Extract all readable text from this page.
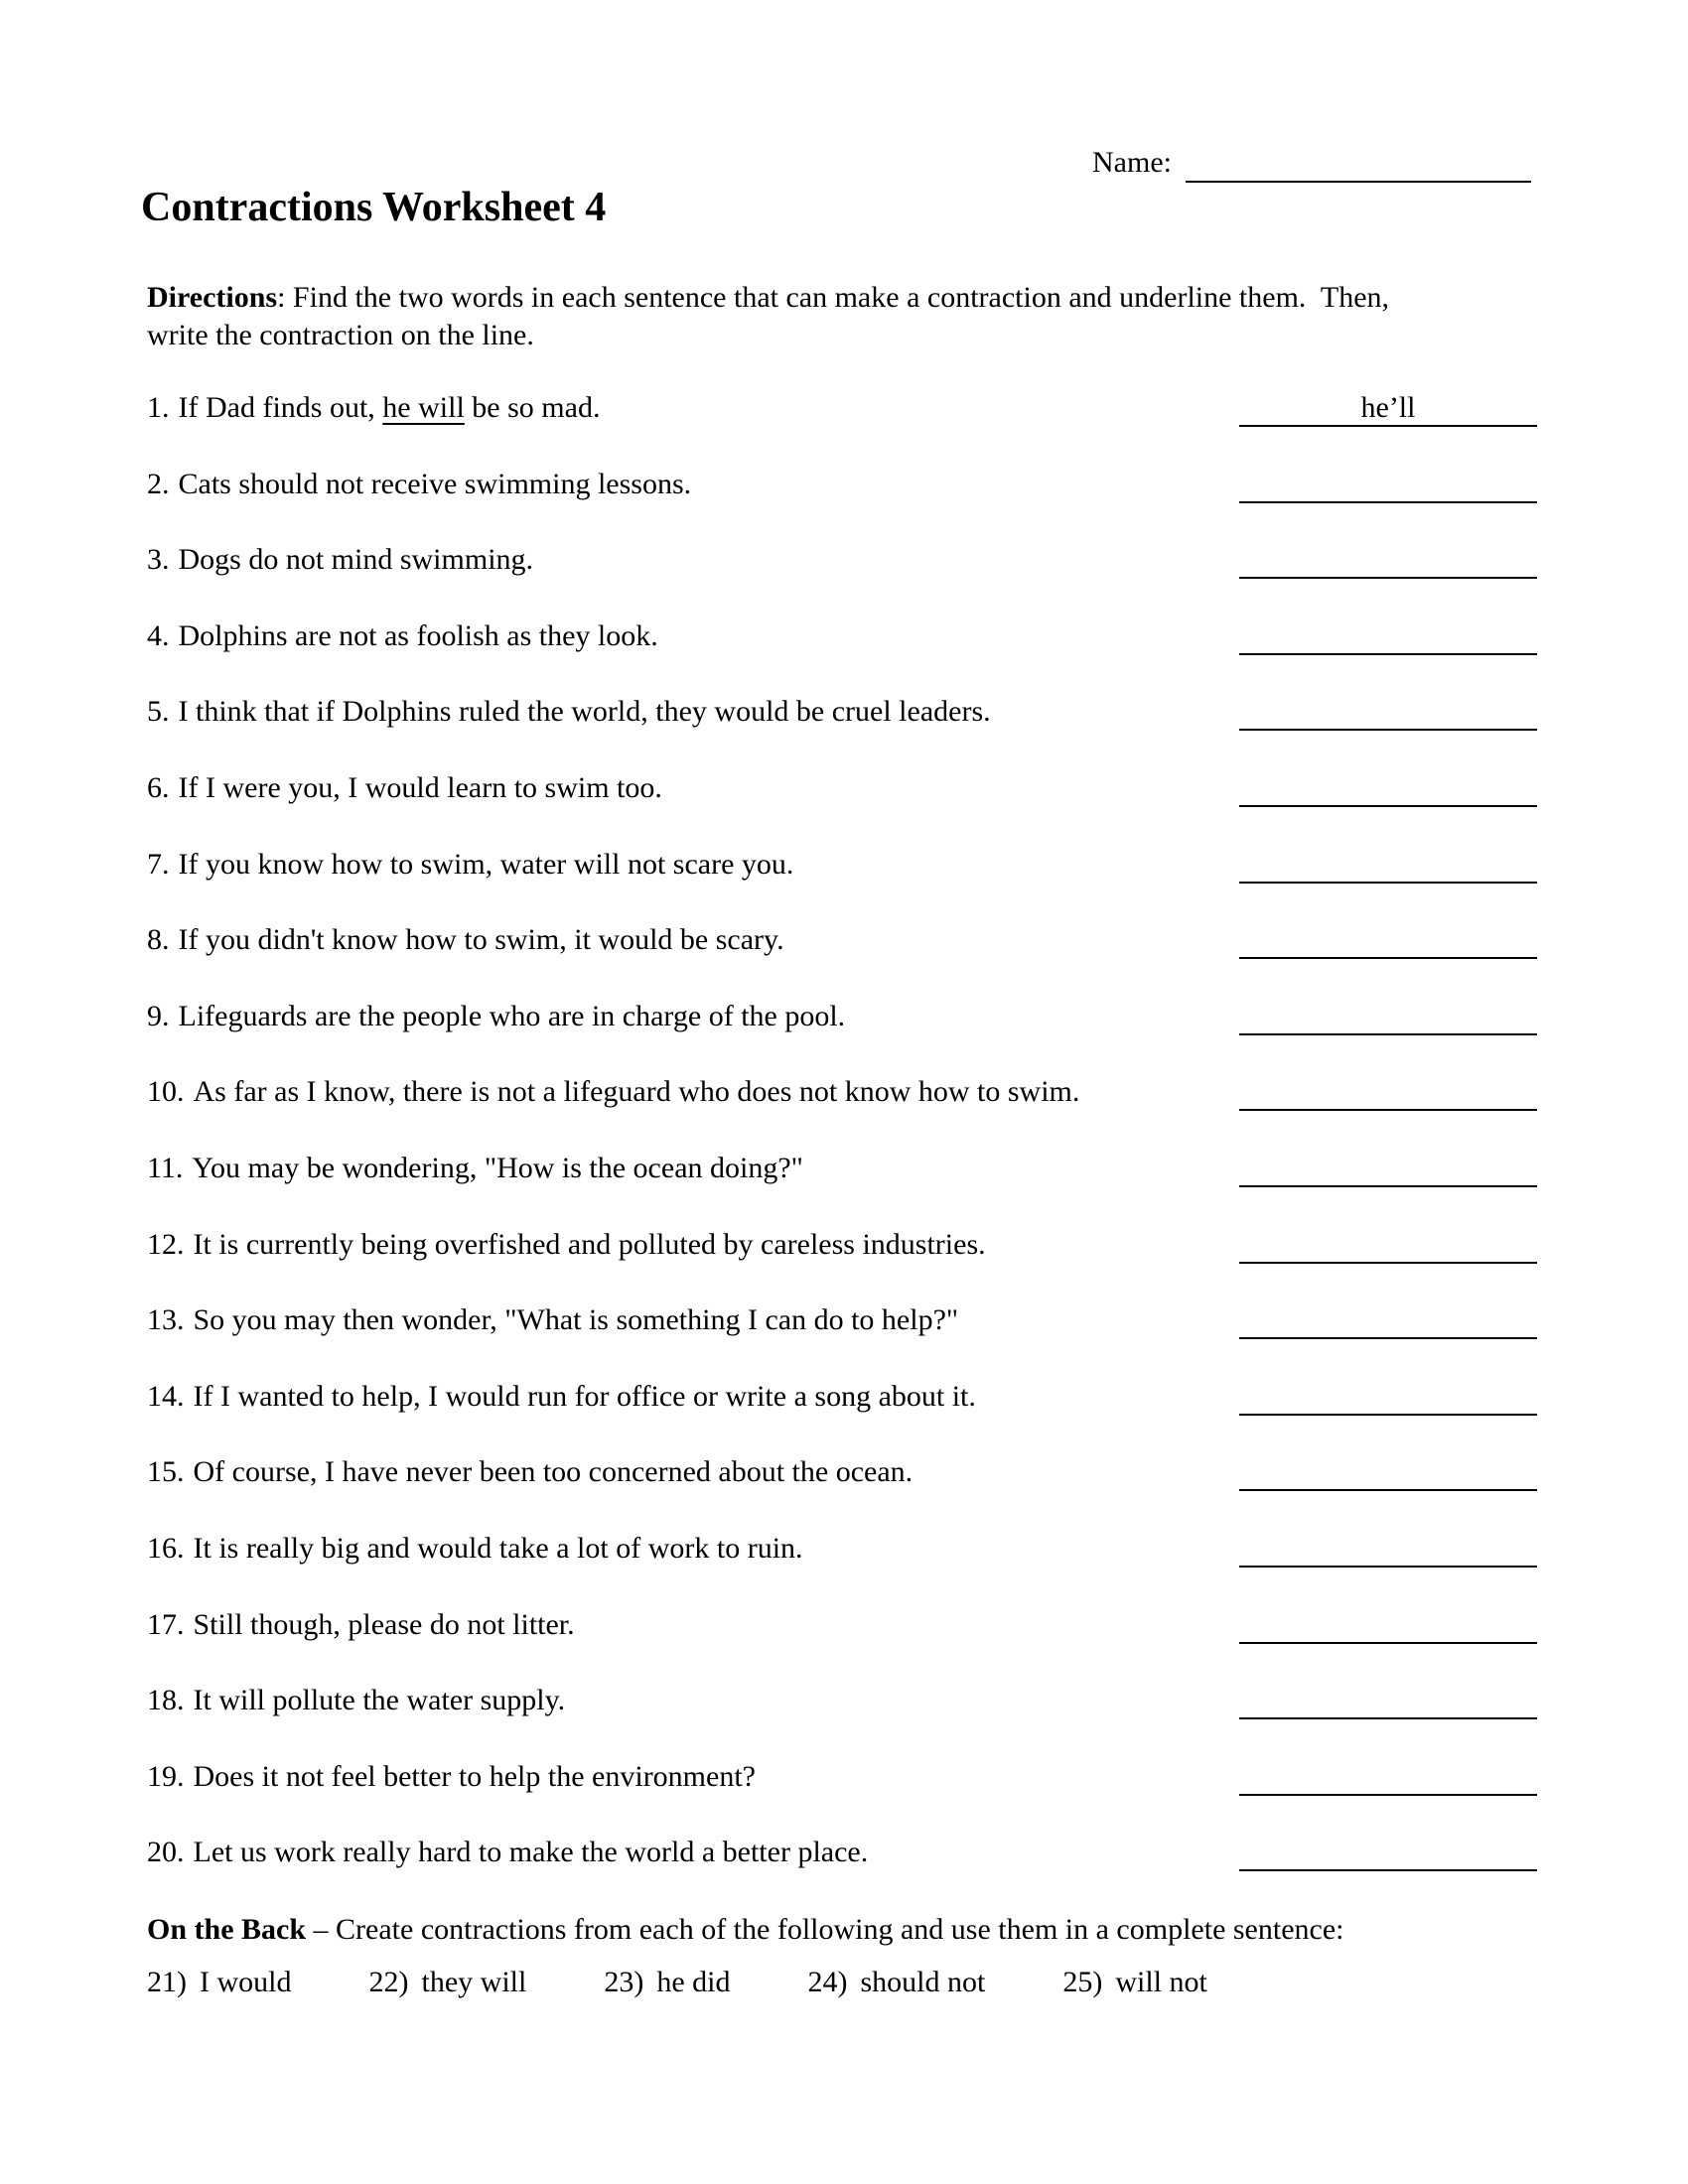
Name:
​
Contractions Worksheet 4

Directions: Find the two words in each sentence that can make a contraction and underline them.  Then,
write the contraction on the line.

1. If Dad finds out, he will be so mad.	he’ll ​

2. Cats should not receive swimming lessons.

​

3. Dogs do not mind swimming.

​

4. Dolphins are not as foolish as they look.

​

5. I think that if Dolphins ruled the world, they would be cruel leaders.

​

6. If I were you, I would learn to swim too.

​

7. If you know how to swim, water will not scare you.

​

8. If you didn't know how to swim, it would be scary.

​

9. Lifeguards are the people who are in charge of the pool.

​

10. As far as I know, there is not a lifeguard who does not know how to swim.

​

11. You may be wondering, "How is the ocean doing?"

​

12. It is currently being overfished and polluted by careless industries.

​

13. So you may then wonder, "What is something I can do to help?"

​

14. If I wanted to help, I would run for office or write a song about it.

​

15. Of course, I have never been too concerned about the ocean.

​

16. It is really big and would take a lot of work to ruin.

​

17. Still though, please do not litter.

​

18. It will pollute the water supply.

​

19. Does it not feel better to help the environment?

​

20. Let us work really hard to make the world a better place.

​

On the Back – Create contractions from each of the following and use them in a complete sentence:

21) I would	22) they will	23) he did	24) should not	25) will not
